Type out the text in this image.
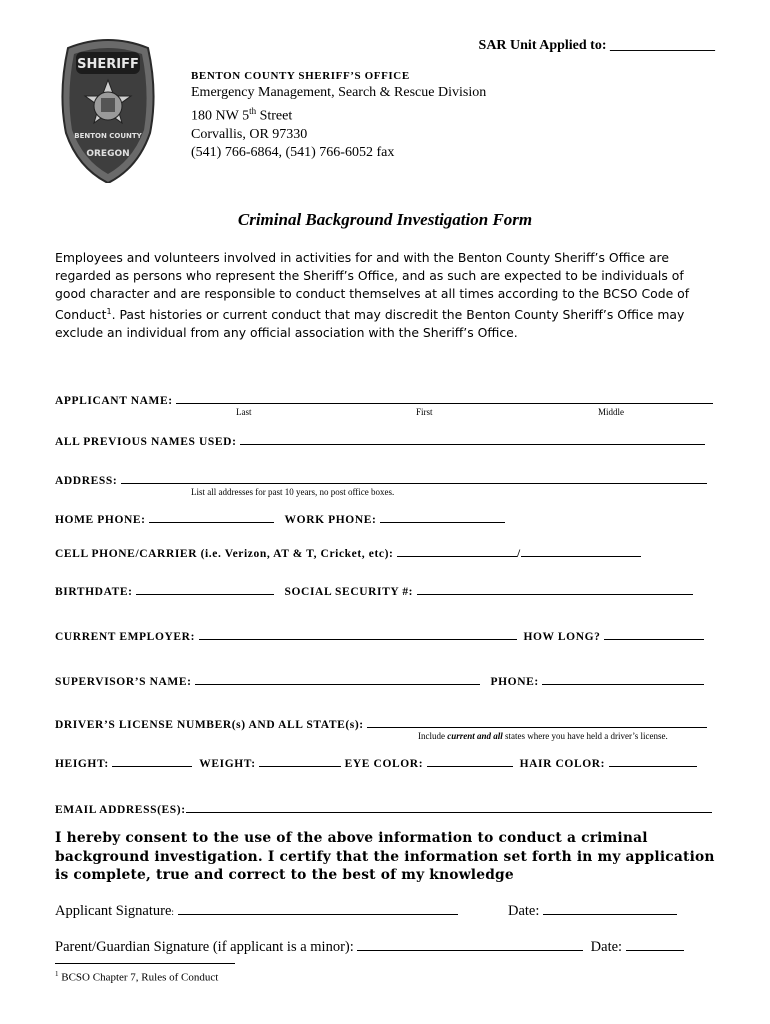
SAR Unit Applied to: _______________
SHERIFF
BENTON COUNTY
OREGON
BENTON COUNTY SHERIFF’S OFFICE
Emergency Management, Search & Rescue Division
180 NW 5th Street
Corvallis, OR 97330
(541) 766-6864, (541) 766-6052 fax
Criminal Background Investigation Form
Employees and volunteers involved in activities for and with the Benton County Sheriff’s Office are regarded as persons who represent the Sheriff’s Office, and as such are expected to be individuals of good character and are responsible to conduct themselves at all times according to the BCSO Code of Conduct$^1$. Past histories or current conduct that may discredit the Benton County Sheriff’s Office may exclude an individual from any official association with the Sheriff’s Office.
APPLICANT NAME:
Last	First	Middle
ALL PREVIOUS NAMES USED:
ADDRESS:
List all addresses for past 10 years, no post office boxes.
HOME PHONE:	WORK PHONE:
CELL PHONE/CARRIER (i.e. Verizon, AT & T, Cricket, etc):	/
BIRTHDATE:	SOCIAL SECURITY #:
CURRENT EMPLOYER:	HOW LONG?
SUPERVISOR’S NAME:	PHONE:
DRIVER’S LICENSE NUMBER(s) AND ALL STATE(s):
Include current and all states where you have held a driver’s license.
HEIGHT:	WEIGHT:	EYE COLOR:	HAIR COLOR:
EMAIL ADDRESS(ES):
I hereby consent to the use of the above information to conduct a criminal background investigation. I certify that the information set forth in my application is complete, true and correct to the best of my knowledge
Applicant Signature:	Date:
Parent/Guardian Signature (if applicant is a minor):	Date:
$^1$ BCSO Chapter 7, Rules of Conduct
